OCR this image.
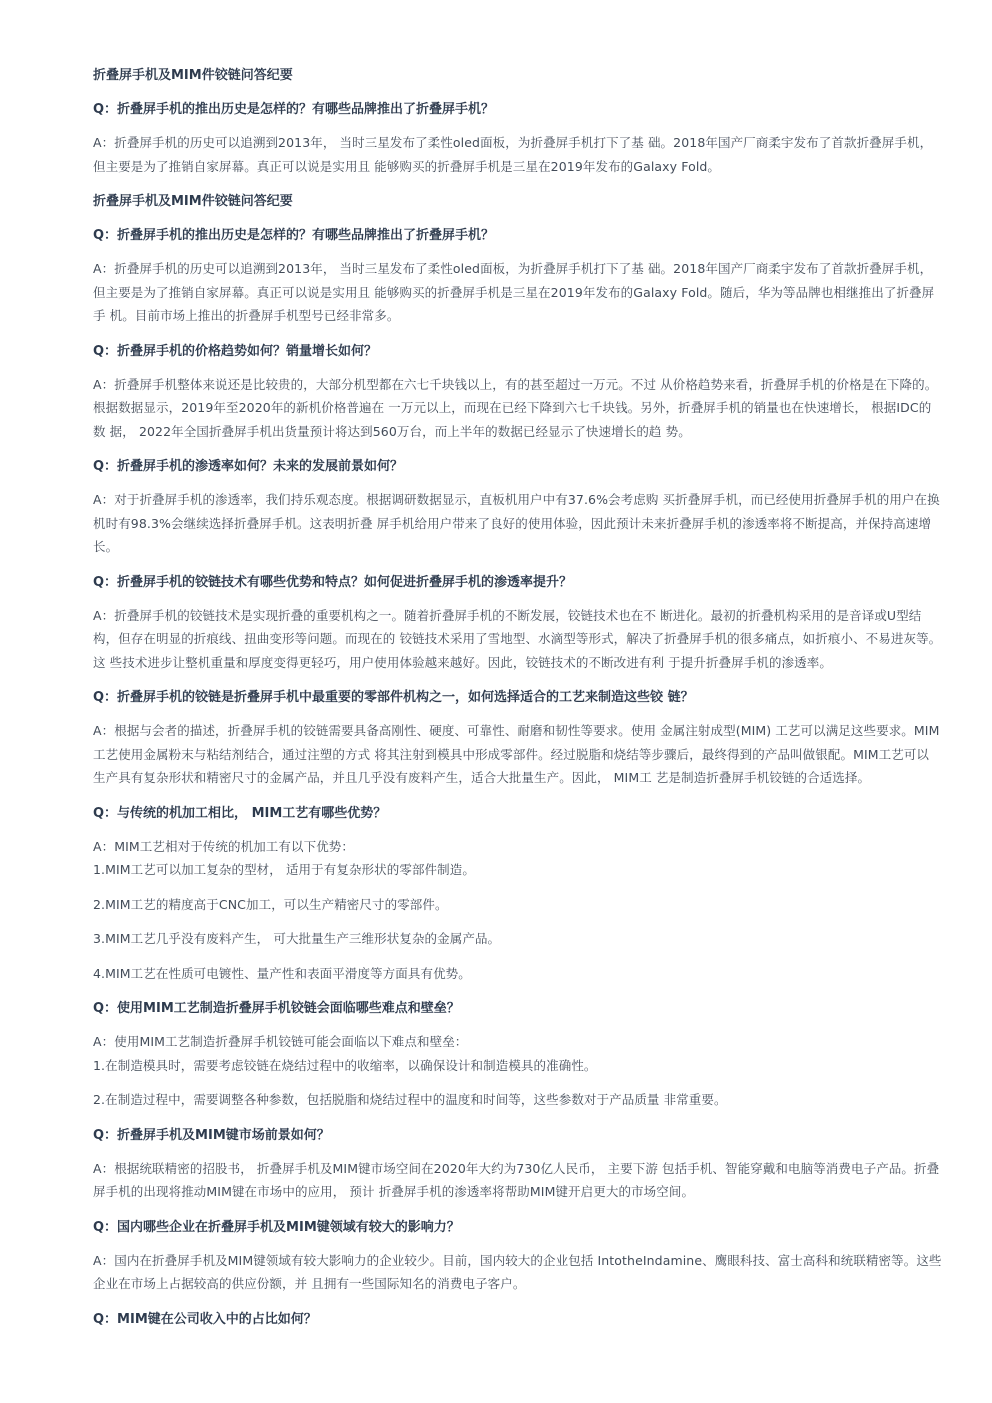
折叠屏手机及MIM件铰链问答纪要
Q：折叠屏手机的推出历史是怎样的？有哪些品牌推出了折叠屏手机？
A：折叠屏手机的历史可以追溯到2013年， 当时三星发布了柔性oled面板，为折叠屏手机打下了基 础。2018年国产厂商柔宇发布了首款折叠屏手机，但主要是为了推销自家屏幕。真正可以说是实用且 能够购买的折叠屏手机是三星在2019年发布的Galaxy Fold。
折叠屏手机及MIM件铰链问答纪要
Q：折叠屏手机的推出历史是怎样的？有哪些品牌推出了折叠屏手机？
A：折叠屏手机的历史可以追溯到2013年， 当时三星发布了柔性oled面板，为折叠屏手机打下了基 础。2018年国产厂商柔宇发布了首款折叠屏手机，但主要是为了推销自家屏幕。真正可以说是实用且 能够购买的折叠屏手机是三星在2019年发布的Galaxy Fold。随后，华为等品牌也相继推出了折叠屏手 机。目前市场上推出的折叠屏手机型号已经非常多。
Q：折叠屏手机的价格趋势如何？销量增长如何？
A：折叠屏手机整体来说还是比较贵的，大部分机型都在六七千块钱以上，有的甚至超过一万元。不过 从价格趋势来看，折叠屏手机的价格是在下降的。根据数据显示，2019年至2020年的新机价格普遍在 一万元以上，而现在已经下降到六七千块钱。另外，折叠屏手机的销量也在快速增长， 根据IDC的数 据， 2022年全国折叠屏手机出货量预计将达到560万台，而上半年的数据已经显示了快速增长的趋 势。
Q：折叠屏手机的渗透率如何？未来的发展前景如何？
A：对于折叠屏手机的渗透率，我们持乐观态度。根据调研数据显示，直板机用户中有37.6%会考虑购 买折叠屏手机，而已经使用折叠屏手机的用户在换机时有98.3%会继续选择折叠屏手机。这表明折叠 屏手机给用户带来了良好的使用体验，因此预计未来折叠屏手机的渗透率将不断提高，并保持高速增 长。
Q：折叠屏手机的铰链技术有哪些优势和特点？如何促进折叠屏手机的渗透率提升？
A：折叠屏手机的铰链技术是实现折叠的重要机构之一。随着折叠屏手机的不断发展，铰链技术也在不 断进化。最初的折叠机构采用的是音译或U型结构，但存在明显的折痕线、扭曲变形等问题。而现在的 铰链技术采用了雪地型、水滴型等形式，解决了折叠屏手机的很多痛点，如折痕小、不易进灰等。这 些技术进步让整机重量和厚度变得更轻巧，用户使用体验越来越好。因此，铰链技术的不断改进有利 于提升折叠屏手机的渗透率。
Q：折叠屏手机的铰链是折叠屏手机中最重要的零部件机构之一，如何选择适合的工艺来制造这些铰 链？
A：根据与会者的描述，折叠屏手机的铰链需要具备高刚性、硬度、可靠性、耐磨和韧性等要求。使用 金属注射成型(MIM) 工艺可以满足这些要求。MIM工艺使用金属粉末与粘结剂结合，通过注塑的方式 将其注射到模具中形成零部件。经过脱脂和烧结等步骤后，最终得到的产品叫做银配。MIM工艺可以 生产具有复杂形状和精密尺寸的金属产品，并且几乎没有废料产生，适合大批量生产。因此， MIM工 艺是制造折叠屏手机铰链的合适选择。
Q：与传统的机加工相比， MIM工艺有哪些优势？
A：MIM工艺相对于传统的机加工有以下优势：
1.MIM工艺可以加工复杂的型材， 适用于有复杂形状的零部件制造。
2.MIM工艺的精度高于CNC加工，可以生产精密尺寸的零部件。
3.MIM工艺几乎没有废料产生， 可大批量生产三维形状复杂的金属产品。
4.MIM工艺在性质可电镀性、量产性和表面平滑度等方面具有优势。
Q：使用MIM工艺制造折叠屏手机铰链会面临哪些难点和壁垒？
A：使用MIM工艺制造折叠屏手机铰链可能会面临以下难点和壁垒：
1.在制造模具时，需要考虑铰链在烧结过程中的收缩率，以确保设计和制造模具的准确性。
2.在制造过程中，需要调整各种参数，包括脱脂和烧结过程中的温度和时间等，这些参数对于产品质量 非常重要。
Q：折叠屏手机及MIM键市场前景如何？
A：根据统联精密的招股书， 折叠屏手机及MIM键市场空间在2020年大约为730亿人民币， 主要下游 包括手机、智能穿戴和电脑等消费电子产品。折叠屏手机的出现将推动MIM键在市场中的应用， 预计 折叠屏手机的渗透率将帮助MIM键开启更大的市场空间。
Q：国内哪些企业在折叠屏手机及MIM键领域有较大的影响力？
A：国内在折叠屏手机及MIM键领域有较大影响力的企业较少。目前，国内较大的企业包括 IntotheIndamine、鹰眼科技、富士高科和统联精密等。这些企业在市场上占据较高的供应份额，并 且拥有一些国际知名的消费电子客户。
Q：MIM键在公司收入中的占比如何？
